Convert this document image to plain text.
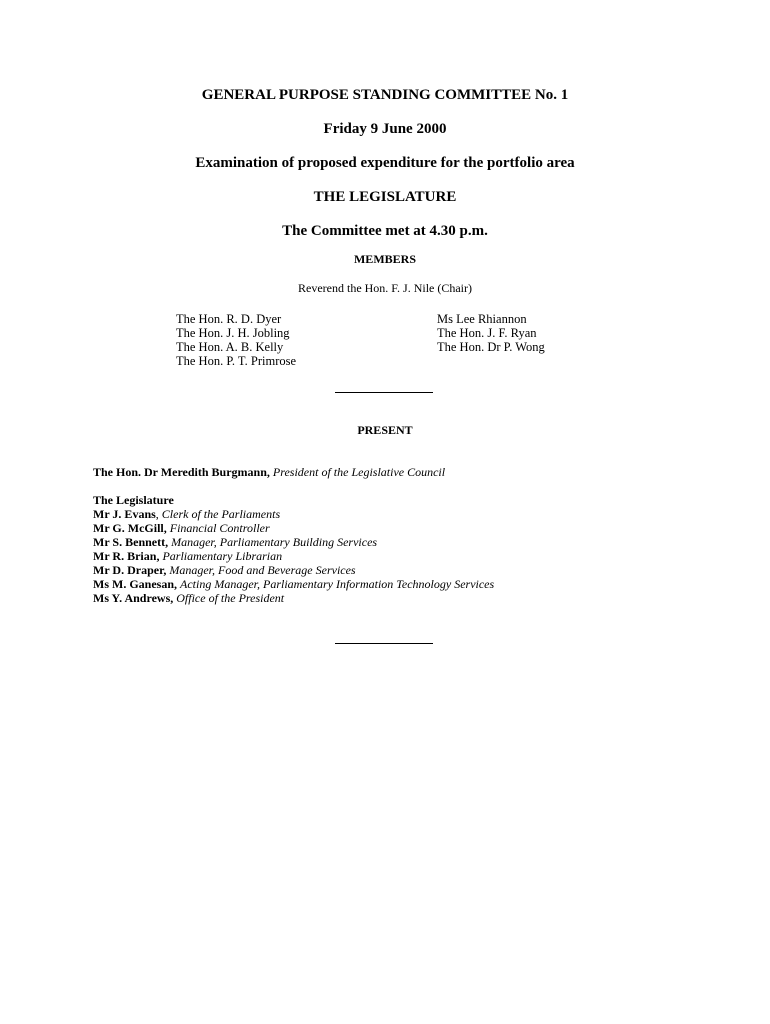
GENERAL PURPOSE STANDING COMMITTEE No. 1
Friday 9 June 2000
Examination of proposed expenditure for the portfolio area
THE LEGISLATURE
The Committee met at 4.30 p.m.
MEMBERS
Reverend the Hon. F. J. Nile (Chair)
The Hon. R. D. Dyer
The Hon. J. H. Jobling
The Hon. A. B. Kelly
The Hon. P. T. Primrose
Ms Lee Rhiannon
The Hon. J. F. Ryan
The Hon. Dr P. Wong
PRESENT
The Hon. Dr Meredith Burgmann, President of the Legislative Council
The Legislature
Mr J. Evans, Clerk of the Parliaments
Mr G. McGill, Financial Controller
Mr S. Bennett, Manager, Parliamentary Building Services
Mr R. Brian, Parliamentary Librarian
Mr D. Draper, Manager, Food and Beverage Services
Ms M. Ganesan, Acting Manager, Parliamentary Information Technology Services
Ms Y. Andrews, Office of the President
